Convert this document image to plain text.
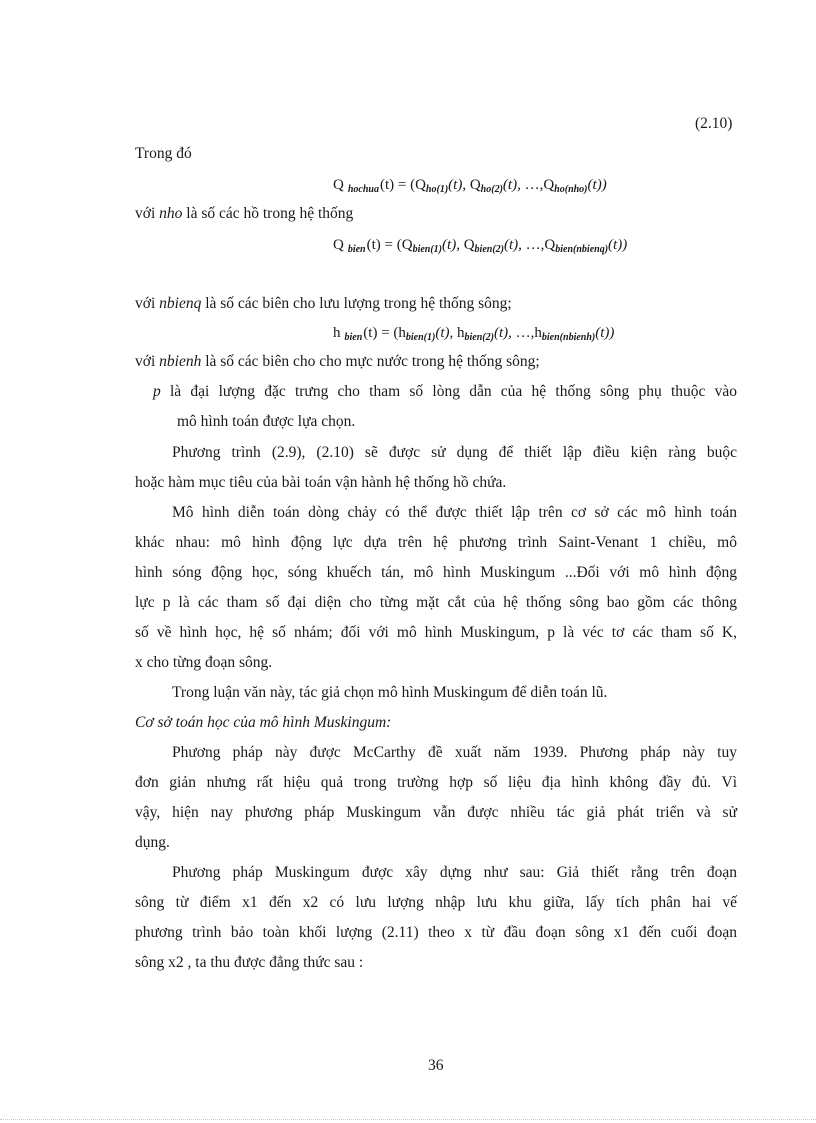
(2.10)
Trong đó
Q $_{hochua}(t) = (Q_{ho(1)}(t)$, $Q_{ho(2)}(t)$, $\dots,Q_{ho(nho)}(t)$)
với nho là số các hồ trong hệ thống
Q $_{bien}(t) = (Q_{bien(1)}(t)$, $Q_{bien(2)}(t)$, $\dots,Q_{bien(nbienq)}(t)$)
với nbienq là số các biên cho lưu lượng trong hệ thống sông;
h $_{bien}(t) = (h_{bien(1)}(t)$, $h_{bien(2)}(t)$, $\dots,h_{bien(nbienh)}(t)$)
với nbienh là số các biên cho cho mực nước trong hệ thống sông;
p là đại lượng đặc trưng cho tham số lòng dẫn của hệ thống sông phụ thuộc vào
mô hình toán được lựa chọn.
Phương trình (2.9), (2.10) sẽ được sử dụng để thiết lập điều kiện ràng buộc
hoặc hàm mục tiêu của bài toán vận hành hệ thống hồ chứa.
Mô hình diễn toán dòng chảy có thể được thiết lập trên cơ sở các mô hình toán
khác nhau: mô hình động lực dựa trên hệ phương trình Saint-Venant 1 chiều, mô
hình sóng động học, sóng khuếch tán, mô hình Muskingum ...Đối với mô hình động
lực p là các tham số đại diện cho từng mặt cắt của hệ thống sông bao gồm các thông
số về hình học, hệ số nhám; đối với mô hình Muskingum, p là véc tơ các tham số K,
x cho từng đoạn sông.
Trong luận văn này, tác giả chọn mô hình Muskingum để diễn toán lũ.
Cơ sở toán học của mô hình Muskingum:
Phương pháp này được McCarthy đề xuất năm 1939. Phương pháp này tuy
đơn giản nhưng rất hiệu quả trong trường hợp số liệu địa hình không đầy đủ. Vì
vậy, hiện nay phương pháp Muskingum vẫn được nhiều tác giả phát triển và sử
dụng.
Phương pháp Muskingum được xây dựng như sau: Giả thiết rằng trên đoạn
sông từ điểm x1 đến x2 có lưu lượng nhập lưu khu giữa, lấy tích phân hai vế
phương trình bảo toàn khối lượng (2.11) theo x từ đầu đoạn sông x1 đến cuối đoạn
sông x2 , ta thu được đẳng thức sau :
36
